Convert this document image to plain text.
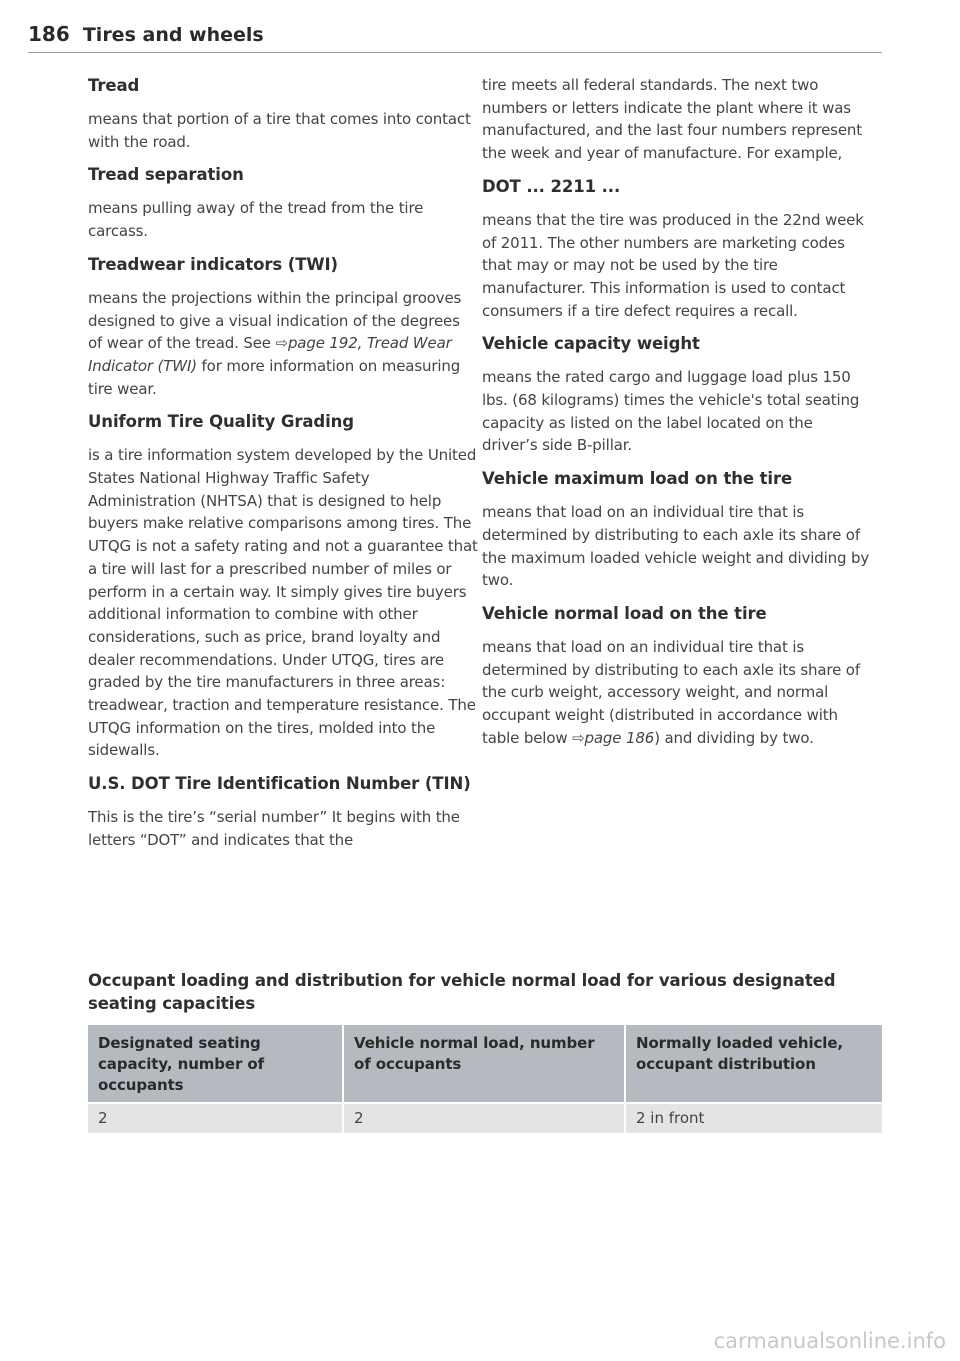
186 Tires and wheels
Tread

means that portion of a tire that comes into contact with the road.

Tread separation

means pulling away of the tread from the tire carcass.

Treadwear indicators (TWI)

means the projections within the principal grooves designed to give a visual indication of the degrees of wear of the tread. See ⇨page 192, Tread Wear Indicator (TWI) for more information on measuring tire wear.

Uniform Tire Quality Grading

is a tire information system developed by the United States National Highway Traffic Safety Administration (NHTSA) that is designed to help buyers make relative comparisons among tires. The UTQG is not a safety rating and not a guarantee that a tire will last for a prescribed number of miles or perform in a certain way. It simply gives tire buyers additional information to combine with other considerations, such as price, brand loyalty and dealer recommendations. Under UTQG, tires are graded by the tire manufacturers in three areas: treadwear, traction and temperature resistance. The UTQG information on the tires, molded into the sidewalls.

U.S. DOT Tire Identification Number (TIN)

This is the tire’s “serial number” It begins with the letters “DOT” and indicates that the

tire meets all federal standards. The next two numbers or letters indicate the plant where it was manufactured, and the last four numbers represent the week and year of manufacture. For example,

DOT ... 2211 ...

means that the tire was produced in the 22nd week of 2011. The other numbers are marketing codes that may or may not be used by the tire manufacturer. This information is used to contact consumers if a tire defect requires a recall.

Vehicle capacity weight

means the rated cargo and luggage load plus 150 lbs. (68 kilograms) times the vehicle's total seating capacity as listed on the label located on the driver’s side B-pillar.

Vehicle maximum load on the tire

means that load on an individual tire that is determined by distributing to each axle its share of the maximum loaded vehicle weight and dividing by two.

Vehicle normal load on the tire

means that load on an individual tire that is determined by distributing to each axle its share of the curb weight, accessory weight, and normal occupant weight (distributed in accordance with table below ⇨page 186) and dividing by two.

Occupant loading and distribution for vehicle normal load for various designated seating capacities
Designated seating capacity, number of occupants	Vehicle normal load, number of occupants	Normally loaded vehicle, occupant distribution
2	2	2 in front
carmanualsonline.info
